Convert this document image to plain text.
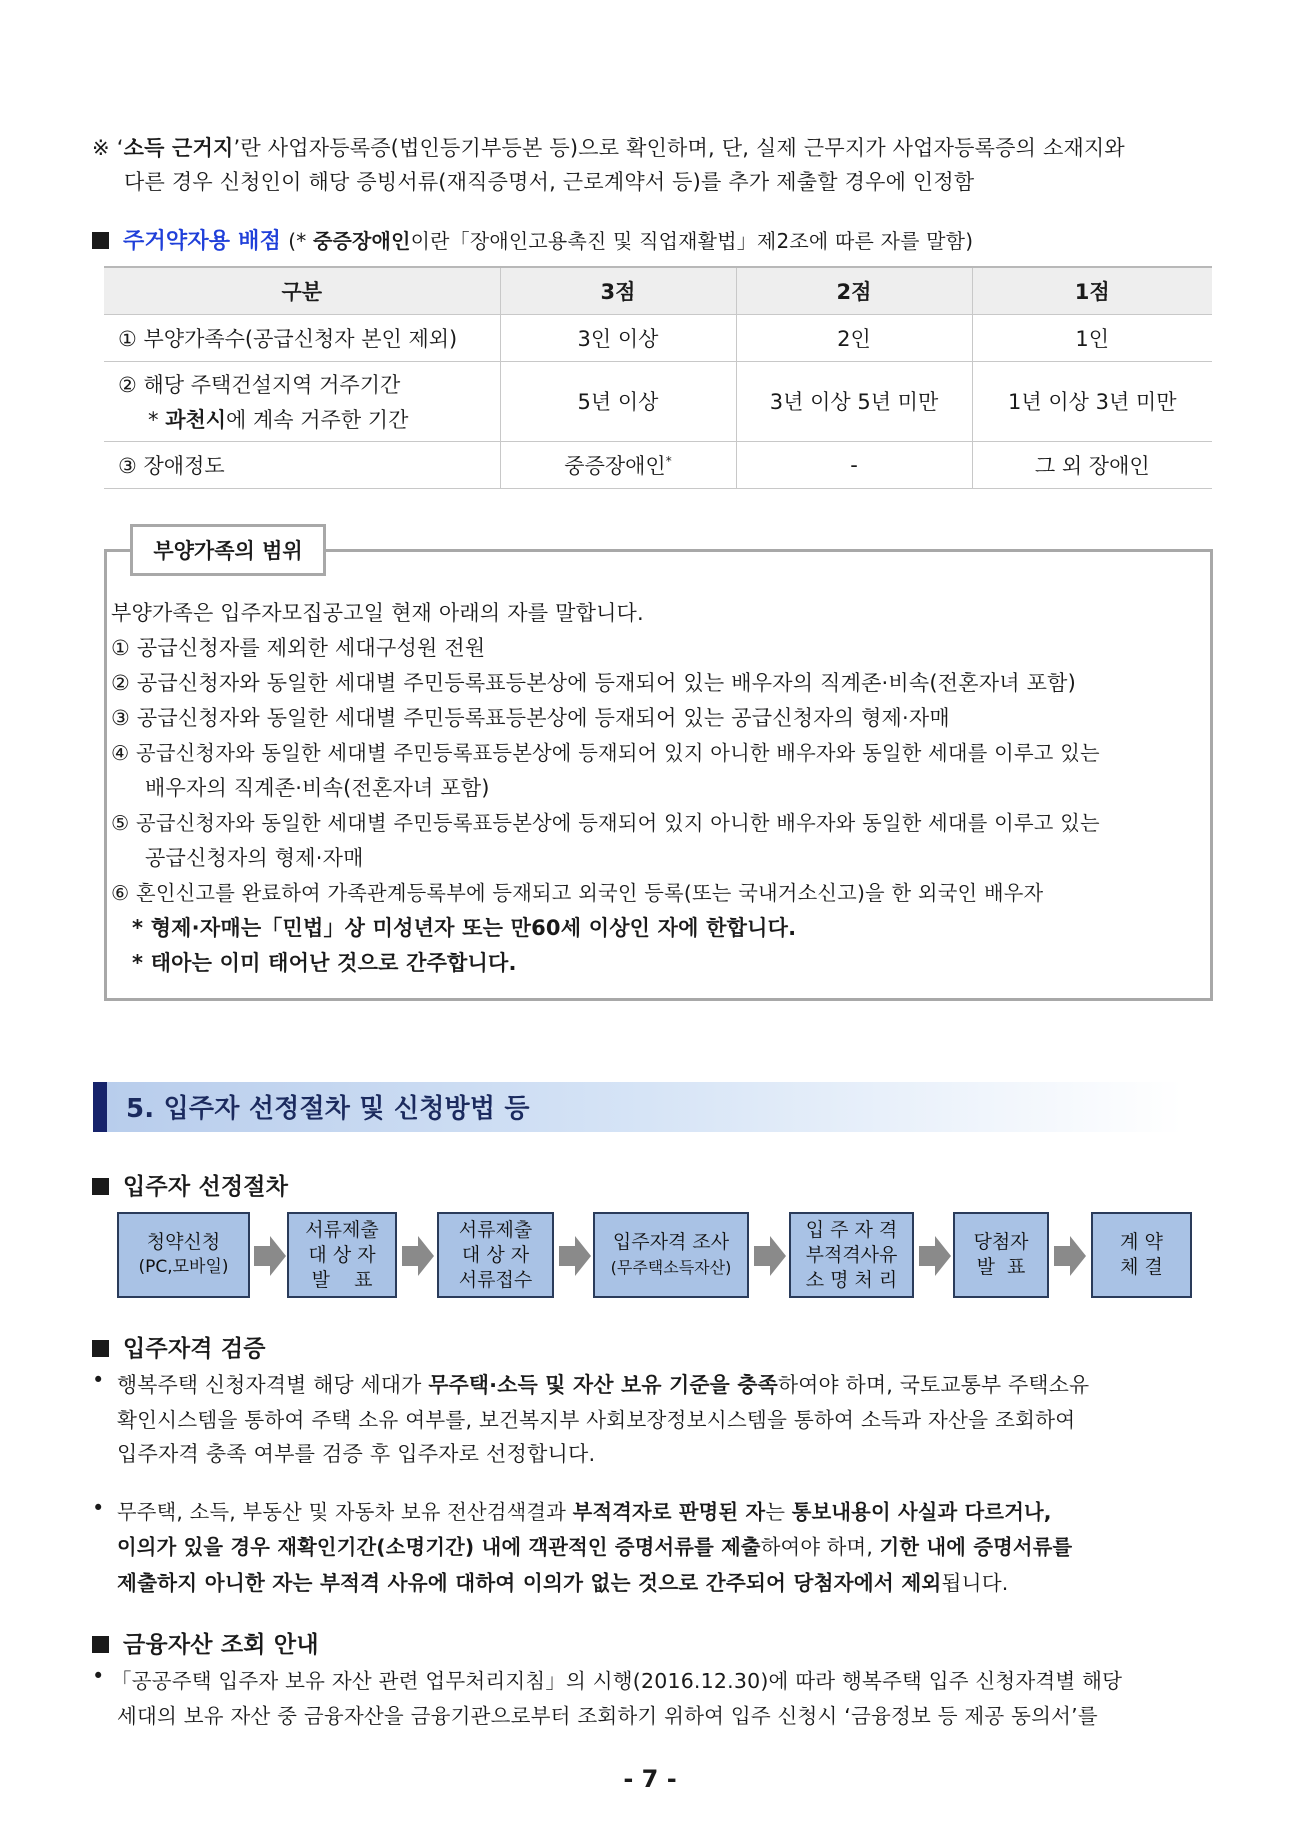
※ ‘소득 근거지’란 사업자등록증(법인등기부등본 등)으로 확인하며, 단, 실제 근무지가 사업자등록증의 소재지와
다른 경우 신청인이 해당 증빙서류(재직증명서, 근로계약서 등)를 추가 제출할 경우에 인정함
주거약자용 배점 (* 중증장애인이란「장애인고용촉진 및 직업재활법」제2조에 따른 자를 말함)
구분	3점	2점	1점
① 부양가족수(공급신청자 본인 제외)	3인 이상	2인	1인

② 해당 주택건설지역 거주기간
* 과천시에 계속 거주한 기간	5년 이상	3년 이상 5년 미만	1년 이상 3년 미만
③ 장애정도	중증장애인*	-	그 외 장애인
부양가족의 범위
부양가족은 입주자모집공고일 현재 아래의 자를 말합니다.
① 공급신청자를 제외한 세대구성원 전원
② 공급신청자와 동일한 세대별 주민등록표등본상에 등재되어 있는 배우자의 직계존·비속(전혼자녀 포함)
③ 공급신청자와 동일한 세대별 주민등록표등본상에 등재되어 있는 공급신청자의 형제·자매
④ 공급신청자와 동일한 세대별 주민등록표등본상에 등재되어 있지 아니한 배우자와 동일한 세대를 이루고 있는
배우자의 직계존·비속(전혼자녀 포함)
⑤ 공급신청자와 동일한 세대별 주민등록표등본상에 등재되어 있지 아니한 배우자와 동일한 세대를 이루고 있는
공급신청자의 형제·자매
⑥ 혼인신고를 완료하여 가족관계등록부에 등재되고 외국인 등록(또는 국내거소신고)을 한 외국인 배우자
* 형제·자매는「민법」상 미성년자 또는 만60세 이상인 자에 한합니다.
* 태아는 이미 태어난 것으로 간주합니다.
5. 입주자 선정절차 및 신청방법 등
입주자 선정절차
청약신청
(PC,모바일)
서류제출
대 상 자
발    표
서류제출
대 상 자
서류접수
입주자격 조사
(무주택소득자산)
입 주 자 격
부적격사유
소 명 처 리
당첨자
발  표
계 약
체 결
입주자격 검증
• 행복주택 신청자격별 해당 세대가 무주택·소득 및 자산 보유 기준을 충족하여야 하며, 국토교통부 주택소유
확인시스템을 통하여 주택 소유 여부를, 보건복지부 사회보장정보시스템을 통하여 소득과 자산을 조회하여
입주자격 충족 여부를 검증 후 입주자로 선정합니다.
• 무주택, 소득, 부동산 및 자동차 보유 전산검색결과 부적격자로 판명된 자는 통보내용이 사실과 다르거나,
이의가 있을 경우 재확인기간(소명기간) 내에 객관적인 증명서류를 제출하여야 하며, 기한 내에 증명서류를
제출하지 아니한 자는 부적격 사유에 대하여 이의가 없는 것으로 간주되어 당첨자에서 제외됩니다.
금융자산 조회 안내
• 「공공주택 입주자 보유 자산 관련 업무처리지침」의 시행(2016.12.30)에 따라 행복주택 입주 신청자격별 해당
세대의 보유 자산 중 금융자산을 금융기관으로부터 조회하기 위하여 입주 신청시 ‘금융정보 등 제공 동의서’를
- 7 -
